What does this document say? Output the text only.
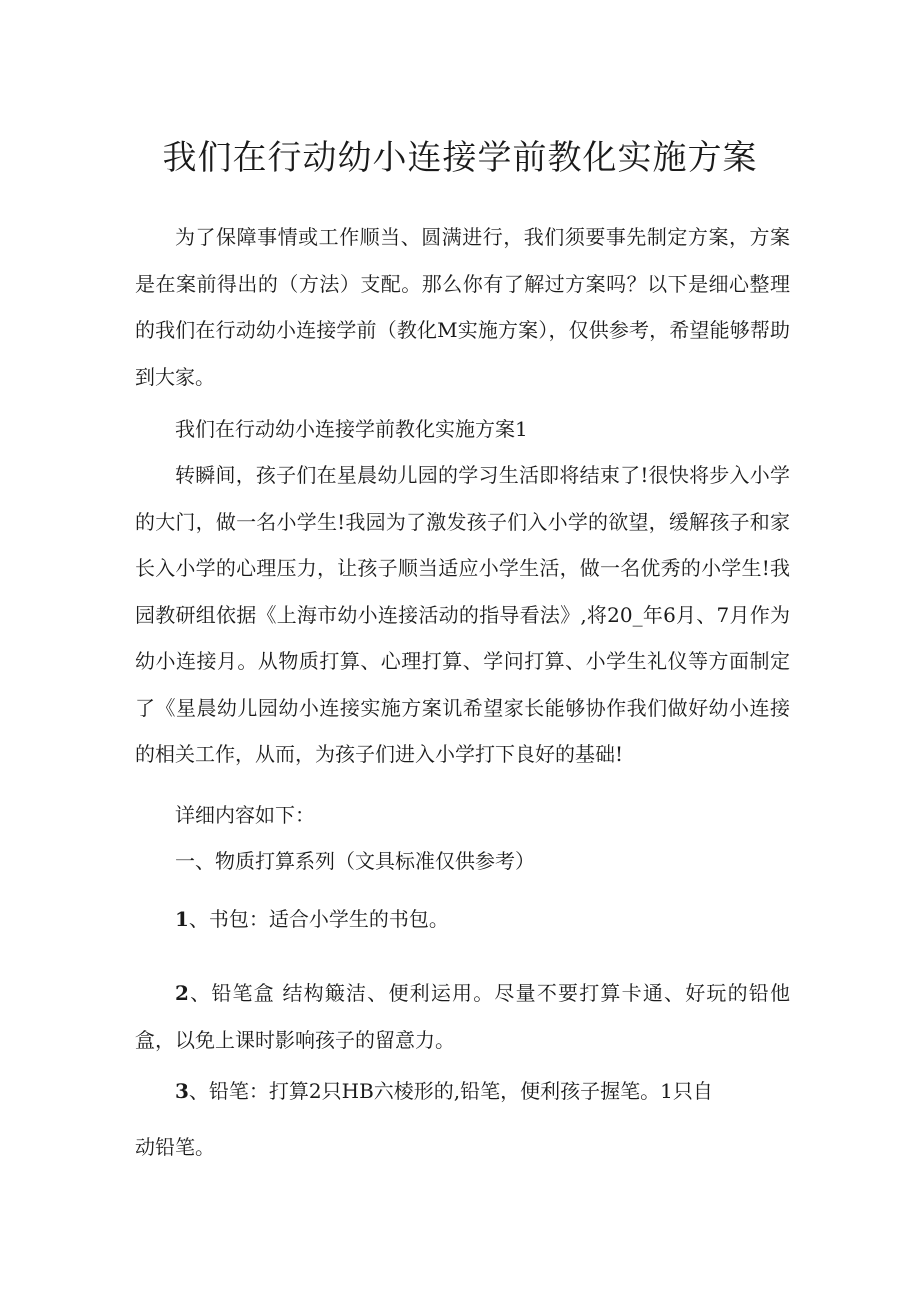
我们在行动幼小连接学前教化实施方案

为了保障事情或工作顺当、圆满进行，我们须要事先制定方案，方案是在案前得出的（方法）支配。那么你有了解过方案吗？以下是细心整理的我们在行动幼小连接学前（教化M实施方案），仅供参考，希望能够帮助到大家。

我们在行动幼小连接学前教化实施方案1

转瞬间，孩子们在星晨幼儿园的学习生活即将结束了!很快将步入小学的大门，做一名小学生!我园为了激发孩子们入小学的欲望，缓解孩子和家长入小学的心理压力，让孩子顺当适应小学生活，做一名优秀的小学生!我园教研组依据《上海市幼小连接活动的指导看法》,将20_年6月、7月作为幼小连接月。从物质打算、心理打算、学问打算、小学生礼仪等方面制定了《星晨幼儿园幼小连接实施方案讥希望家长能够协作我们做好幼小连接的相关工作，从而，为孩子们进入小学打下良好的基础!

详细内容如下：

一、物质打算系列（文具标准仅供参考）

1、书包：适合小学生的书包。

2、铅笔盒 结构簸洁、便利运用。尽量不要打算卡通、好玩的铅他盒，以免上课时影响孩子的留意力。

3、铅笔：打算2只HB六棱形的,铅笔，便利孩子握笔。1只自

动铅笔。
